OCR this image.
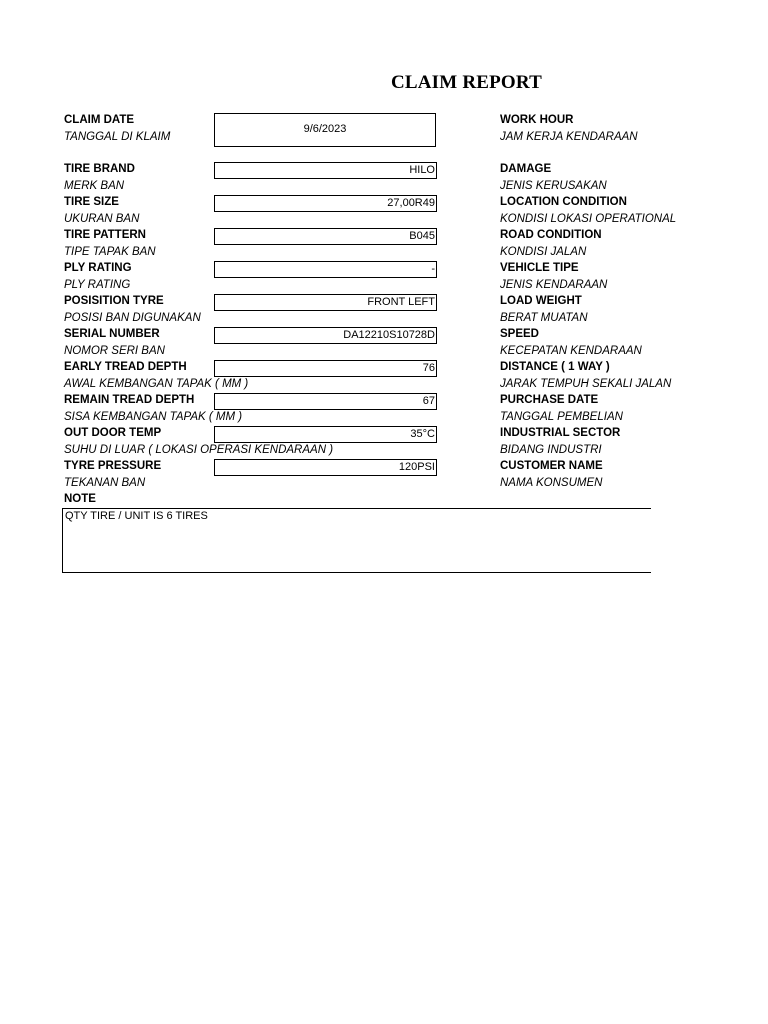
CLAIM REPORT
CLAIM DATE
TANGGAL DI KLAIM
9/6/2023
TIRE BRAND
MERK BAN
HILO
TIRE SIZE
UKURAN BAN
27,00R49
TIRE PATTERN
TIPE TAPAK BAN
B045
PLY RATING
PLY RATING
-
POSISITION TYRE
POSISI BAN DIGUNAKAN
FRONT LEFT
SERIAL NUMBER
NOMOR SERI BAN
DA12210S10728D
EARLY TREAD DEPTH
AWAL KEMBANGAN TAPAK ( MM )
76
REMAIN TREAD DEPTH
SISA KEMBANGAN TAPAK ( MM )
67
OUT DOOR TEMP
SUHU DI LUAR ( LOKASI OPERASI KENDARAAN )
35°C
TYRE PRESSURE
TEKANAN BAN
120PSI
WORK HOUR
JAM KERJA KENDARAAN
DAMAGE
JENIS KERUSAKAN
LOCATION CONDITION
KONDISI LOKASI OPERATIONAL
ROAD CONDITION
KONDISI JALAN
VEHICLE TIPE
JENIS KENDARAAN
LOAD WEIGHT
BERAT MUATAN
SPEED
KECEPATAN KENDARAAN
DISTANCE ( 1 WAY )
JARAK TEMPUH SEKALI JALAN
PURCHASE DATE
TANGGAL PEMBELIAN
INDUSTRIAL SECTOR
BIDANG INDUSTRI
CUSTOMER NAME
NAMA KONSUMEN
NOTE
QTY TIRE / UNIT IS 6 TIRES
